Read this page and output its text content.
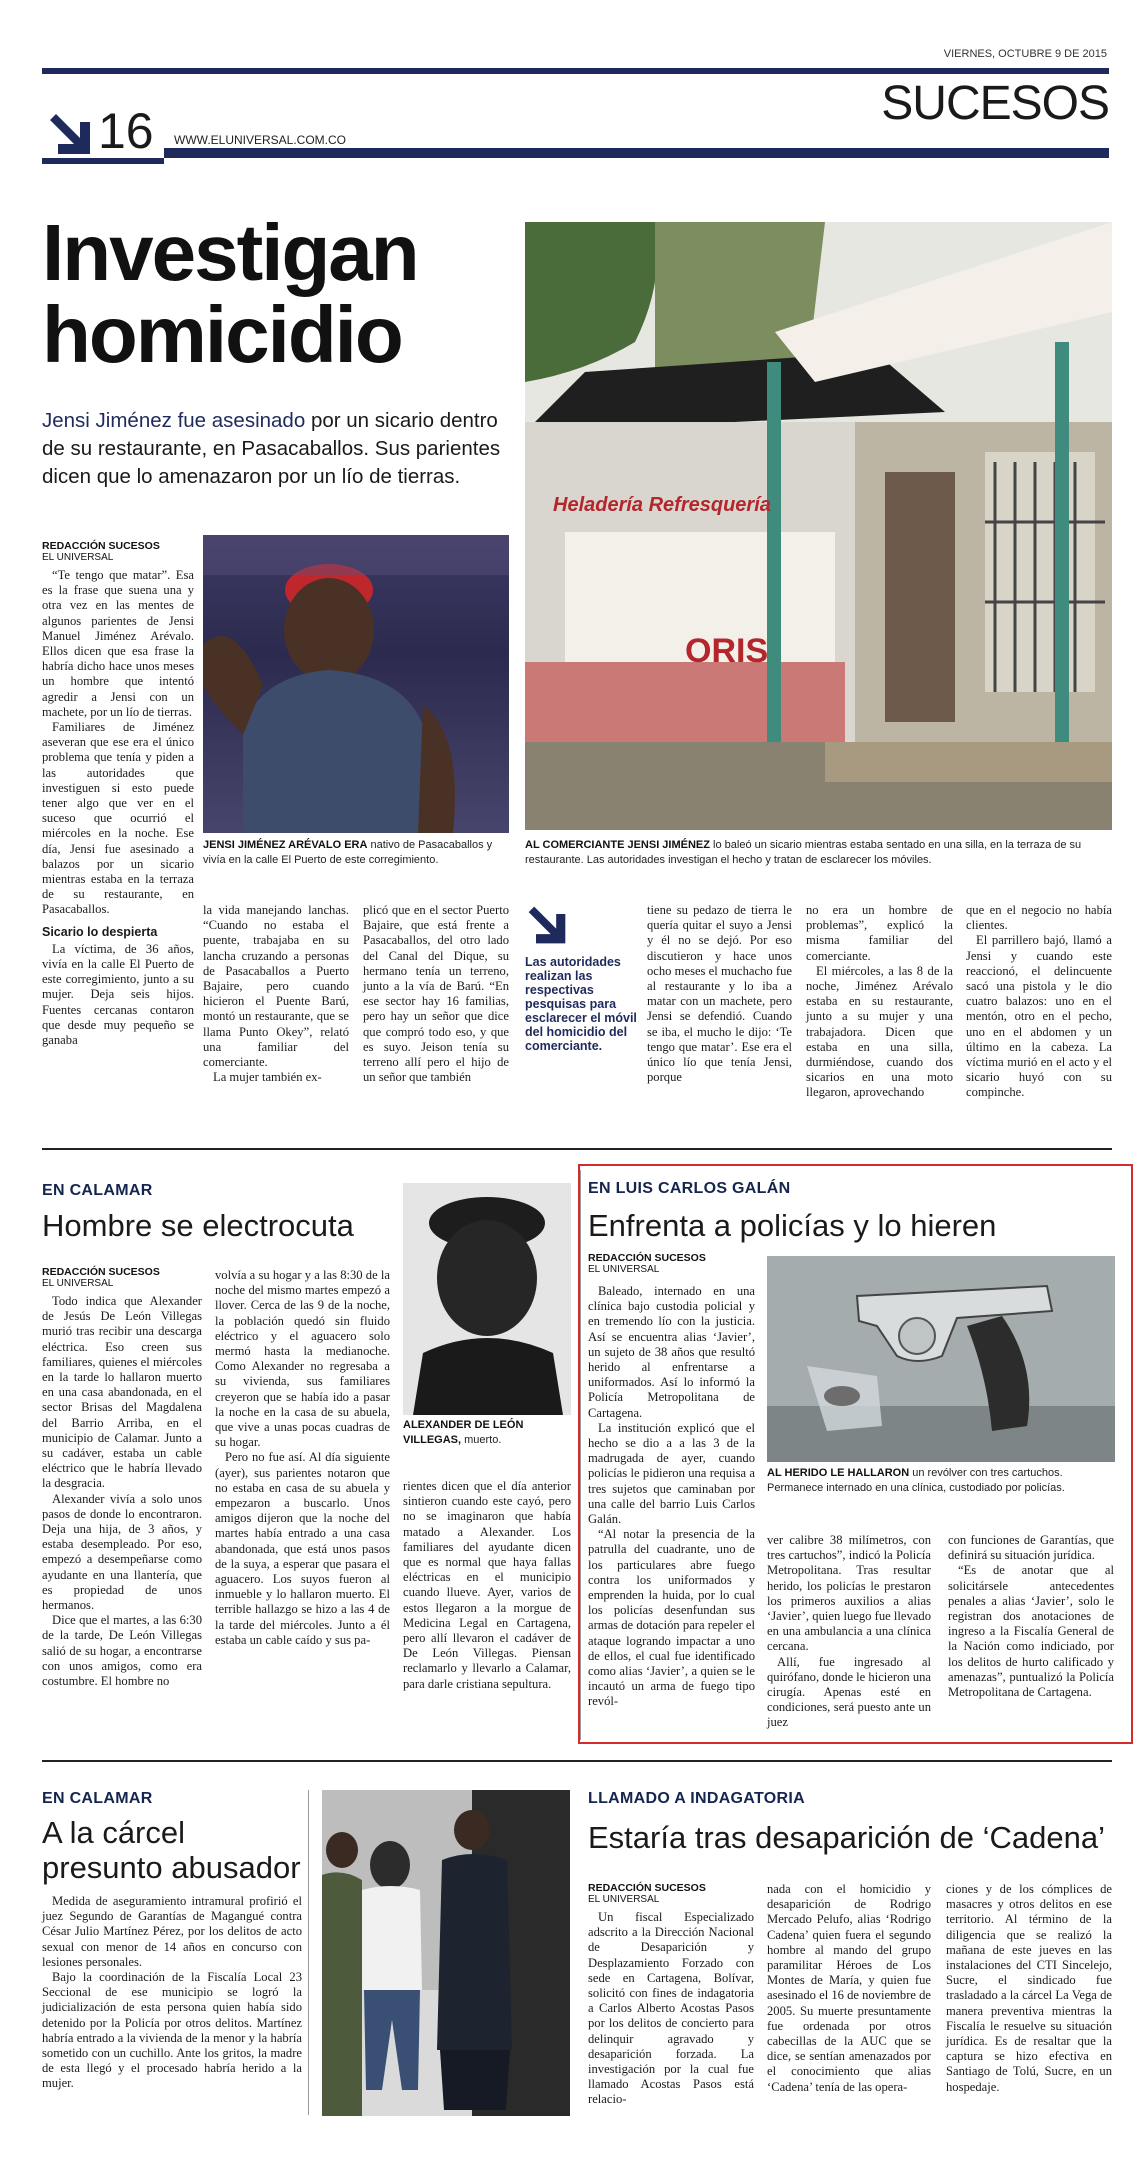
VIERNES, OCTUBRE 9 DE 2015
SUCESOS
16 WWW.ELUNIVERSAL.COM.CO
Investigan homicidio
Jensi Jiménez fue asesinado por un sicario dentro de su restaurante, en Pasacaballos. Sus parientes dicen que lo amenazaron por un lío de tierras.
JENSI JIMÉNEZ ARÉVALO ERA nativo de Pasacaballos y vivía en la calle El Puerto de este corregimiento.
Heladería Refresquería
ORIS
AL COMERCIANTE JENSI JIMÉNEZ lo baleó un sicario mientras estaba sentado en una silla, en la terraza de su restaurante. Las autoridades investigan el hecho y tratan de esclarecer los móviles.
REDACCIÓN SUCESOS
EL UNIVERSAL

“Te tengo que matar”. Esa es la frase que suena una y otra vez en las mentes de algunos parientes de Jensi Manuel Jiménez Arévalo. Ellos dicen que esa frase la habría dicho hace unos meses un hombre que intentó agredir a Jensi con un machete, por un lío de tierras.

Familiares de Jiménez aseveran que ese era el único problema que tenía y piden a las autoridades que investiguen si esto puede tener algo que ver en el suceso que ocurrió el miércoles en la noche. Ese día, Jensi fue asesinado a balazos por un sicario mientras estaba en la terraza de su restaurante, en Pasacaballos.

Sicario lo despierta

La víctima, de 36 años, vivía en la calle El Puerto de este corregimiento, junto a su mujer. Deja seis hijos. Fuentes cercanas contaron que desde muy pequeño se ganaba

la vida manejando lanchas. “Cuando no estaba el puente, trabajaba en su lancha cruzando a personas de Pasacaballos a Puerto Bajaire, pero cuando hicieron el Puente Barú, montó un restaurante, que se llama Punto Okey”, relató una familiar del comerciante.

La mujer también ex-

plicó que en el sector Puerto Bajaire, que está frente a Pasacaballos, del otro lado del Canal del Dique, su hermano tenía un terreno, junto a la vía de Barú. “En ese sector hay 16 familias, pero hay un señor que dice que compró todo eso, y que es suyo. Jeison tenía su terreno allí pero el hijo de un señor que también

Las autoridades realizan las respectivas pesquisas para esclarecer el móvil del homicidio del comerciante.

tiene su pedazo de tierra le quería quitar el suyo a Jensi y él no se dejó. Por eso discutieron y hace unos ocho meses el muchacho fue al restaurante y lo iba a matar con un machete, pero Jensi se defendió. Cuando se iba, el mucho le dijo: ‘Te tengo que matar’. Ese era el único lío que tenía Jensi, porque

no era un hombre de problemas”, explicó la misma familiar del comerciante.

El miércoles, a las 8 de la noche, Jiménez Arévalo estaba en su restaurante, junto a su mujer y una trabajadora. Dicen que estaba en una silla, durmiéndose, cuando dos sicarios en una moto llegaron, aprovechando

que en el negocio no había clientes.

El parrillero bajó, llamó a Jensi y cuando este reaccionó, el delincuente sacó una pistola y le dio cuatro balazos: uno en el mentón, otro en el pecho, uno en el abdomen y un último en la cabeza. La víctima murió en el acto y el sicario huyó con su compinche.

EN CALAMAR
Hombre se electrocuta
REDACCIÓN SUCESOS
EL UNIVERSAL

Todo indica que Alexander de Jesús De León Villegas murió tras recibir una descarga eléctrica. Eso creen sus familiares, quienes el miércoles en la tarde lo hallaron muerto en una casa abandonada, en el sector Brisas del Magdalena del Barrio Arriba, en el municipio de Calamar. Junto a su cadáver, estaba un cable eléctrico que le habría llevado la desgracia.

Alexander vivía a solo unos pasos de donde lo encontraron. Deja una hija, de 3 años, y estaba desempleado. Por eso, empezó a desempeñarse como ayudante en una llantería, que es propiedad de unos hermanos.

Dice que el martes, a las 6:30 de la tarde, De León Villegas salió de su hogar, a encontrarse con unos amigos, como era costumbre. El hombre no

volvía a su hogar y a las 8:30 de la noche del mismo martes empezó a llover. Cerca de las 9 de la noche, la población quedó sin fluido eléctrico y el aguacero solo mermó hasta la medianoche. Como Alexander no regresaba a su vivienda, sus familiares creyeron que se había ido a pasar la noche en la casa de su abuela, que vive a unas pocas cuadras de su hogar.

Pero no fue así. Al día siguiente (ayer), sus parientes notaron que no estaba en casa de su abuela y empezaron a buscarlo. Unos amigos dijeron que la noche del martes había entrado a una casa abandonada, que está unos pasos de la suya, a esperar que pasara el aguacero. Los suyos fueron al inmueble y lo hallaron muerto. El terrible hallazgo se hizo a las 4 de la tarde del miércoles. Junto a él estaba un cable caído y sus pa-

ALEXANDER DE LEÓN VILLEGAS, muerto.

rientes dicen que el día anterior sintieron cuando este cayó, pero no se imaginaron que había matado a Alexander. Los familiares del ayudante dicen que es normal que haya fallas eléctricas en el municipio cuando llueve. Ayer, varios de estos llegaron a la morgue de Medicina Legal en Cartagena, pero allí llevaron el cadáver de De León Villegas. Piensan reclamarlo y llevarlo a Calamar, para darle cristiana sepultura.

EN LUIS CARLOS GALÁN
Enfrenta a policías y lo hieren
REDACCIÓN SUCESOS
EL UNIVERSAL

Baleado, internado en una clínica bajo custodia policial y en tremendo lío con la justicia. Así se encuentra alias ‘Javier’, un sujeto de 38 años que resultó herido al enfrentarse a uniformados. Así lo informó la Policía Metropolitana de Cartagena.

La institución explicó que el hecho se dio a a las 3 de la madrugada de ayer, cuando policías le pidieron una requisa a tres sujetos que caminaban por una calle del barrio Luis Carlos Galán.

“Al notar la presencia de la patrulla del cuadrante, uno de los particulares abre fuego contra los uniformados y emprenden la huida, por lo cual los policías desenfundan sus armas de dotación para repeler el ataque logrando impactar a uno de ellos, el cual fue identificado como alias ‘Javier’, a quien se le incautó un arma de fuego tipo revól-

AL HERIDO LE HALLARON un revólver con tres cartuchos. Permanece internado en una clínica, custodiado por policías.

ver calibre 38 milímetros, con tres cartuchos”, indicó la Policía Metropolitana. Tras resultar herido, los policías le prestaron los primeros auxilios a alias ‘Javier’, quien luego fue llevado en una ambulancia a una clínica cercana.

Allí, fue ingresado al quirófano, donde le hicieron una cirugía. Apenas esté en condiciones, será puesto ante un juez

con funciones de Garantías, que definirá su situación jurídica.

“Es de anotar que al solicitársele antecedentes penales a alias ‘Javier’, solo le registran dos anotaciones de ingreso a la Fiscalía General de la Nación como indiciado, por los delitos de hurto calificado y amenazas”, puntualizó la Policía Metropolitana de Cartagena.

EN CALAMAR
A la cárcel presunto abusador

Medida de aseguramiento intramural profirió el juez Segundo de Garantías de Magangué contra César Julio Martínez Pérez, por los delitos de acto sexual con menor de 14 años en concurso con lesiones personales.

Bajo la coordinación de la Fiscalía Local 23 Seccional de ese municipio se logró la judicialización de esta persona quien había sido detenido por la Policía por otros delitos. Martínez habría entrado a la vivienda de la menor y la habría sometido con un cuchillo. Ante los gritos, la madre de esta llegó y el procesado habría herido a la mujer.

LLAMADO A INDAGATORIA
Estaría tras desaparición de ‘Cadena’
REDACCIÓN SUCESOS
EL UNIVERSAL

Un fiscal Especializado adscrito a la Dirección Nacional de Desaparición y Desplazamiento Forzado con sede en Cartagena, Bolívar, solicitó con fines de indagatoria a Carlos Alberto Acostas Pasos por los delitos de concierto para delinquir agravado y desaparición forzada. La investigación por la cual fue llamado Acostas Pasos está relacio-

nada con el homicidio y desaparición de Rodrigo Mercado Pelufo, alias ‘Rodrigo Cadena’ quien fuera el segundo hombre al mando del grupo paramilitar Héroes de Los Montes de María, y quien fue asesinado el 16 de noviembre de 2005. Su muerte presuntamente fue ordenada por otros cabecillas de la AUC que se dice, se sentían amenazados por el conocimiento que alias ‘Cadena’ tenía de las opera-

ciones y de los cómplices de masacres y otros delitos en ese territorio. Al término de la diligencia que se realizó la mañana de este jueves en las instalaciones del CTI Sincelejo, Sucre, el sindicado fue trasladado a la cárcel La Vega de manera preventiva mientras la Fiscalía le resuelve su situación jurídica. Es de resaltar que la captura se hizo efectiva en Santiago de Tolú, Sucre, en un hospedaje.
